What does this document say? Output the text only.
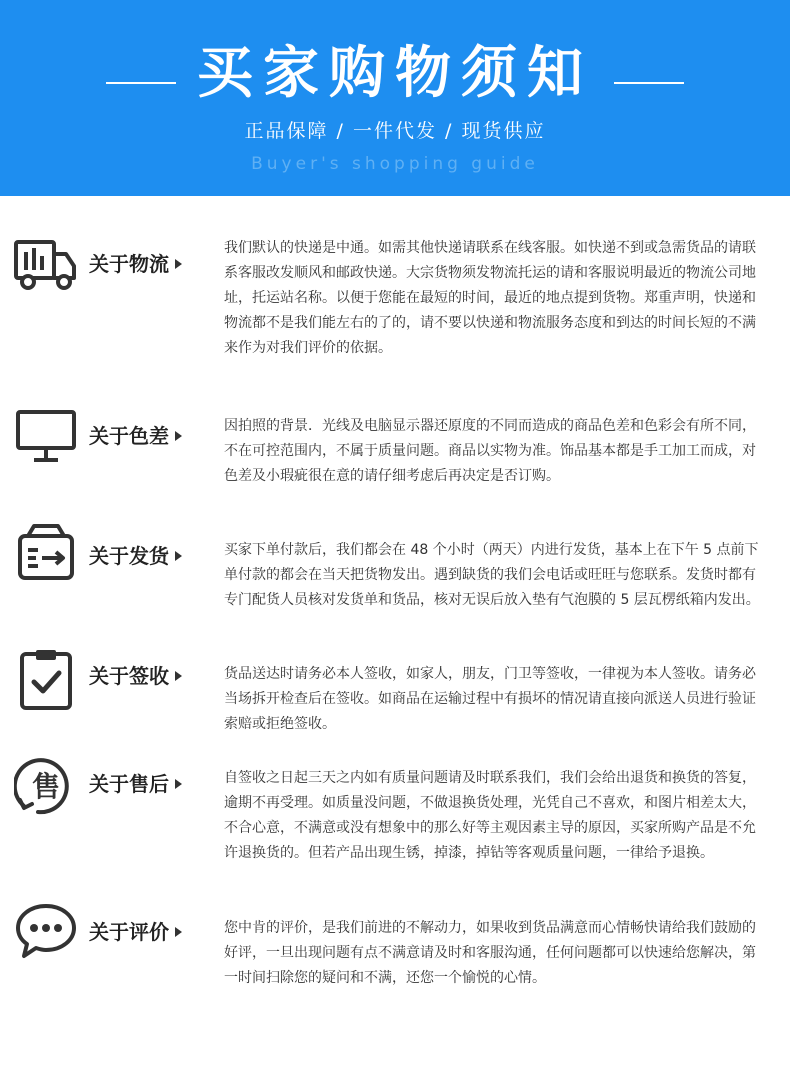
买家购物须知
正品保障 / 一件代发 / 现货供应
Buyer's shopping guide
关于物流

我们默认的快递是中通。如需其他快递请联系在线客服。如快递不到或急需货品的请联系客服改发顺风和邮政快递。大宗货物须发物流托运的请和客服说明最近的物流公司地址，托运站名称。以便于您能在最短的时间，最近的地点提到货物。郑重声明，快递和物流都不是我们能左右的了的，请不要以快递和物流服务态度和到达的时间长短的不满来作为对我们评价的依据。

关于色差	因拍照的背景．光线及电脑显示器还原度的不同而造成的商品色差和色彩会有所不同，不在可控范围内，不属于质量问题。商品以实物为准。饰品基本都是手工加工而成，对色差及小瑕疵很在意的请仔细考虑后再决定是否订购。

关于发货	买家下单付款后，我们都会在 48 个小时（两天）内进行发货，基本上在下午 5 点前下单付款的都会在当天把货物发出。遇到缺货的我们会电话或旺旺与您联系。发货时都有专门配货人员核对发货单和货品，核对无误后放入垫有气泡膜的 5 层瓦楞纸箱内发出。

关于签收	货品送达时请务必本人签收，如家人，朋友，门卫等签收，一律视为本人签收。请务必当场拆开检查后在签收。如商品在运输过程中有损坏的情况请直接向派送人员进行验证索赔或拒绝签收。

售 关于售后	自签收之日起三天之内如有质量问题请及时联系我们，我们会给出退货和换货的答复，逾期不再受理。如质量没问题，不做退换货处理，光凭自己不喜欢，和图片相差太大，不合心意，不满意或没有想象中的那么好等主观因素主导的原因，买家所购产品是不允许退换货的。但若产品出现生锈，掉漆，掉钻等客观质量问题，一律给予退换。

关于评价	您中肯的评价，是我们前进的不解动力，如果收到货品满意而心情畅快请给我们鼓励的好评，一旦出现问题有点不满意请及时和客服沟通，任何问题都可以快速给您解决，第一时间扫除您的疑问和不满，还您一个愉悦的心情。
